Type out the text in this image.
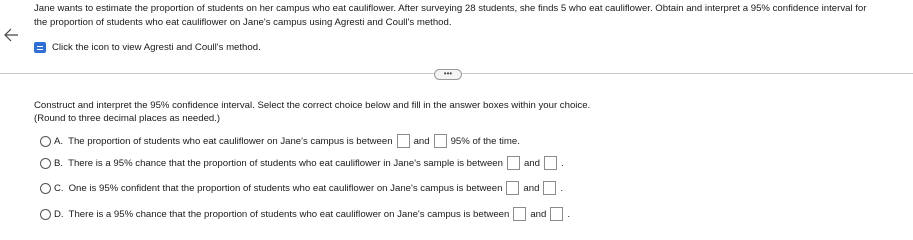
Jane wants to estimate the proportion of students on her campus who eat cauliflower. After surveying 28 students, she finds 5 who eat cauliflower. Obtain and interpret a 95% confidence interval for
the proportion of students who eat cauliflower on Jane's campus using Agresti and Coull's method.
Click the icon to view Agresti and Coull's method.
•••
Construct and interpret the 95% confidence interval. Select the correct choice below and fill in the answer boxes within your choice.
(Round to three decimal places as needed.)
A. The proportion of students who eat cauliflower on Jane's campus is between and 95% of the time.
B. There is a 95% chance that the proportion of students who eat cauliflower in Jane's sample is between and .
C. One is 95% confident that the proportion of students who eat cauliflower on Jane's campus is between and .
D. There is a 95% chance that the proportion of students who eat cauliflower on Jane's campus is between and .
